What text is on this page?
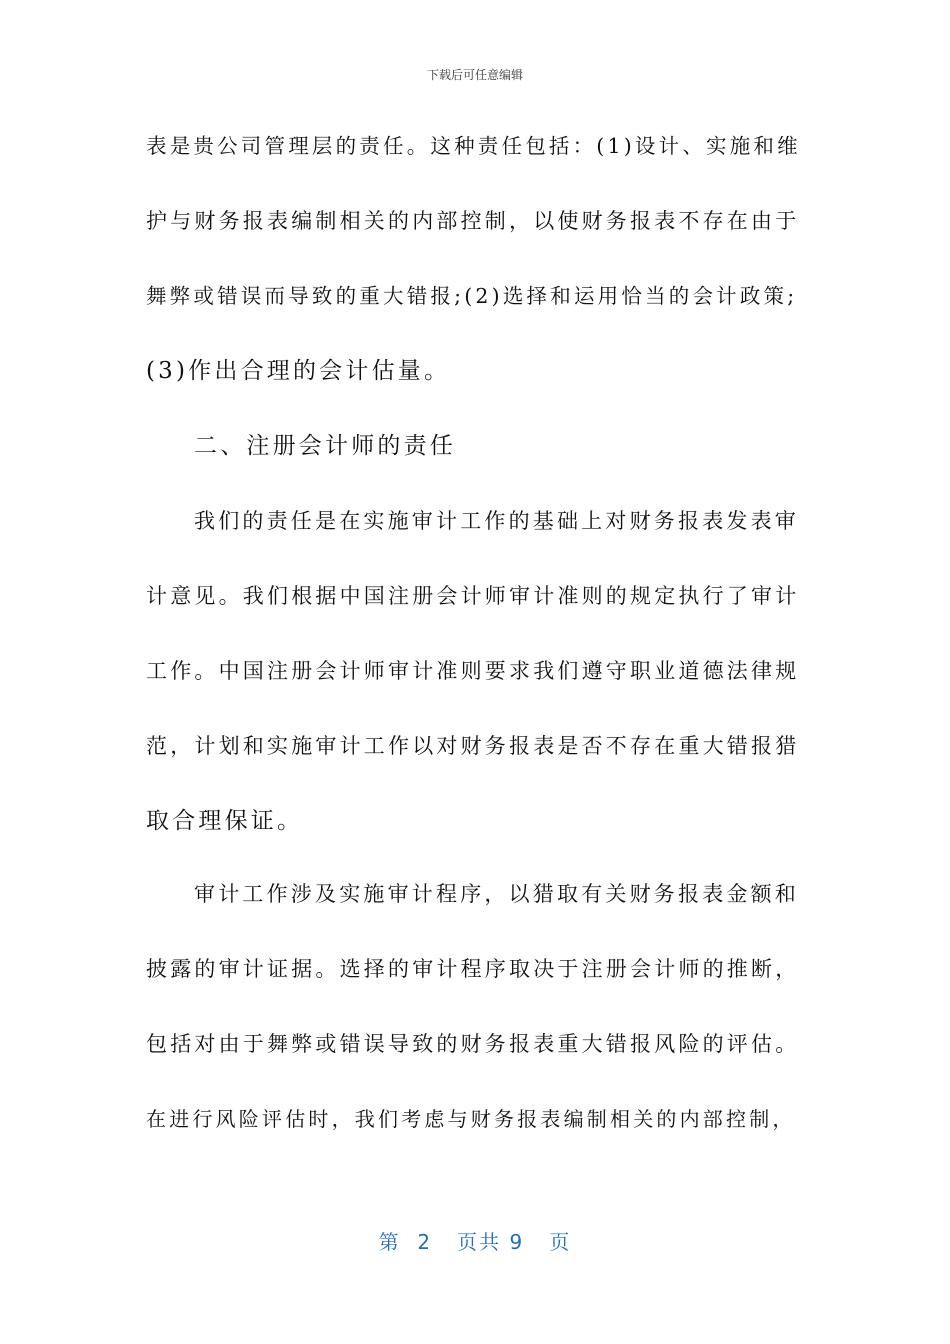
下载后可任意编辑
表是贵公司管理层的责任。这种责任包括：(1)设计、实施和维
护与财务报表编制相关的内部控制，以使财务报表不存在由于
舞弊或错误而导致的重大错报;(2)选择和运用恰当的会计政策;
(3)作出合理的会计估量。
二、注册会计师的责任
我们的责任是在实施审计工作的基础上对财务报表发表审
计意见。我们根据中国注册会计师审计准则的规定执行了审计
工作。中国注册会计师审计准则要求我们遵守职业道德法律规
范，计划和实施审计工作以对财务报表是否不存在重大错报猎
取合理保证。
审计工作涉及实施审计程序，以猎取有关财务报表金额和
披露的审计证据。选择的审计程序取决于注册会计师的推断，
包括对由于舞弊或错误导致的财务报表重大错报风险的评估。
在进行风险评估时，我们考虑与财务报表编制相关的内部控制，
第  2   页共 9   页
